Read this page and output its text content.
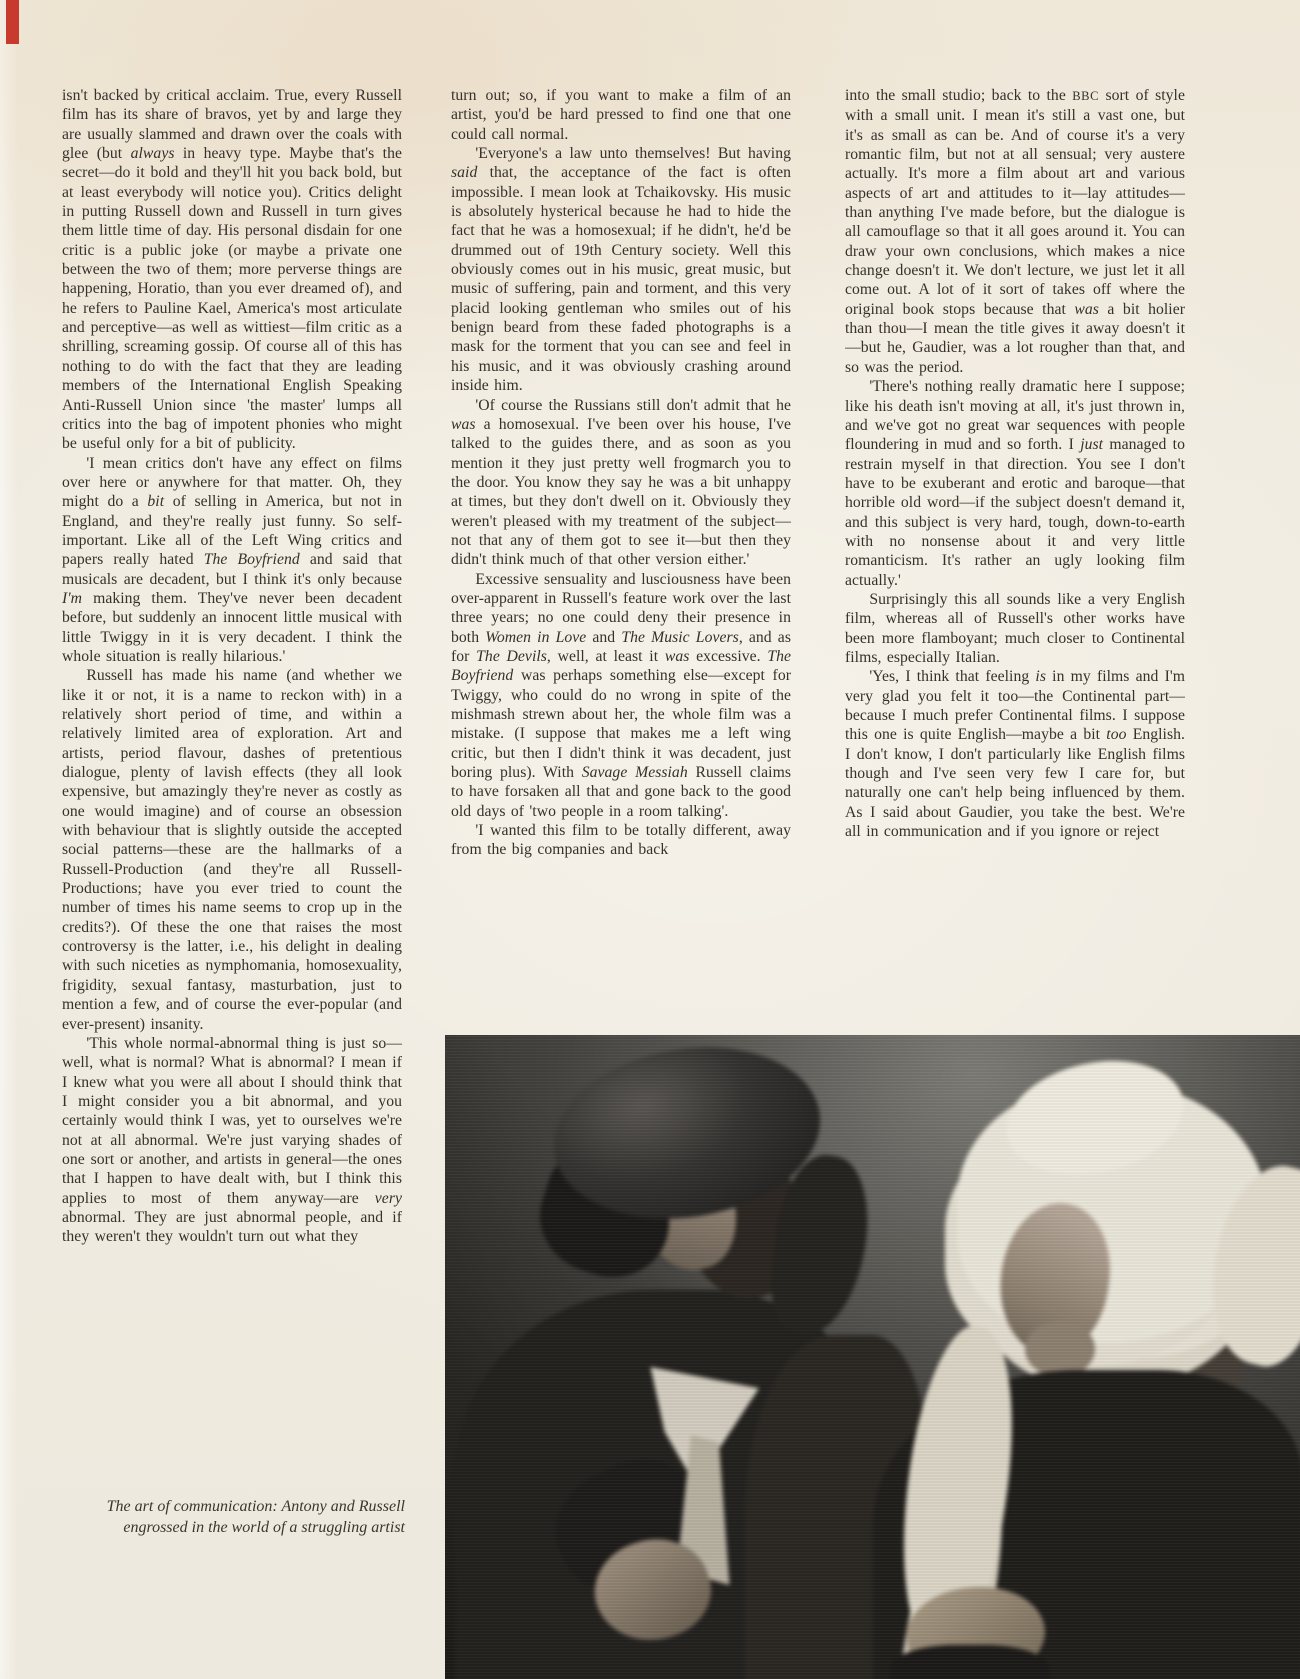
isn't backed by critical acclaim. True, every Russell film has its share of bravos, yet by and large they are usually slammed and drawn over the coals with glee (but always in heavy type. Maybe that's the secret—do it bold and they'll hit you back bold, but at least everybody will notice you). Critics delight in putting Russell down and Russell in turn gives them little time of day. His personal disdain for one critic is a public joke (or maybe a private one between the two of them; more perverse things are happening, Horatio, than you ever dreamed of), and he refers to Pauline Kael, America's most articulate and perceptive—as well as wittiest—film critic as a shrilling, screaming gossip. Of course all of this has nothing to do with the fact that they are leading members of the International English Speaking Anti-Russell Union since 'the master' lumps all critics into the bag of impotent phonies who might be useful only for a bit of publicity.

'I mean critics don't have any effect on films over here or anywhere for that matter. Oh, they might do a bit of selling in America, but not in England, and they're really just funny. So self-important. Like all of the Left Wing critics and papers really hated The Boyfriend and said that musicals are decadent, but I think it's only because I'm making them. They've never been decadent before, but suddenly an innocent little musical with little Twiggy in it is very decadent. I think the whole situation is really hilarious.'

Russell has made his name (and whether we like it or not, it is a name to reckon with) in a relatively short period of time, and within a relatively limited area of exploration. Art and artists, period flavour, dashes of pretentious dialogue, plenty of lavish effects (they all look expensive, but amazingly they're never as costly as one would imagine) and of course an obsession with behaviour that is slightly outside the accepted social patterns—these are the hallmarks of a Russell-Production (and they're all Russell-Productions; have you ever tried to count the number of times his name seems to crop up in the credits?). Of these the one that raises the most controversy is the latter, i.e., his delight in dealing with such niceties as nymphomania, homosexuality, frigidity, sexual fantasy, masturbation, just to mention a few, and of course the ever-popular (and ever-present) insanity.

'This whole normal-abnormal thing is just so—well, what is normal? What is abnormal? I mean if I knew what you were all about I should think that I might consider you a bit abnormal, and you certainly would think I was, yet to ourselves we're not at all abnormal. We're just varying shades of one sort or another, and artists in general—the ones that I happen to have dealt with, but I think this applies to most of them anyway—are very abnormal. They are just abnormal people, and if they weren't they wouldn't turn out what they

turn out; so, if you want to make a film of an artist, you'd be hard pressed to find one that one could call normal.

'Everyone's a law unto themselves! But having said that, the acceptance of the fact is often impossible. I mean look at Tchaikovsky. His music is absolutely hysterical because he had to hide the fact that he was a homosexual; if he didn't, he'd be drummed out of 19th Century society. Well this obviously comes out in his music, great music, but music of suffering, pain and torment, and this very placid looking gentleman who smiles out of his benign beard from these faded photographs is a mask for the torment that you can see and feel in his music, and it was obviously crashing around inside him.

'Of course the Russians still don't admit that he was a homosexual. I've been over his house, I've talked to the guides there, and as soon as you mention it they just pretty well frogmarch you to the door. You know they say he was a bit unhappy at times, but they don't dwell on it. Obviously they weren't pleased with my treatment of the subject—not that any of them got to see it—but then they didn't think much of that other version either.'

Excessive sensuality and lusciousness have been over-apparent in Russell's feature work over the last three years; no one could deny their presence in both Women in Love and The Music Lovers, and as for The Devils, well, at least it was excessive. The Boyfriend was perhaps something else—except for Twiggy, who could do no wrong in spite of the mishmash strewn about her, the whole film was a mistake. (I suppose that makes me a left wing critic, but then I didn't think it was decadent, just boring plus). With Savage Messiah Russell claims to have forsaken all that and gone back to the good old days of 'two people in a room talking'.

'I wanted this film to be totally different, away from the big companies and back

into the small studio; back to the BBC sort of style with a small unit. I mean it's still a vast one, but it's as small as can be. And of course it's a very romantic film, but not at all sensual; very austere actually. It's more a film about art and various aspects of art and attitudes to it—lay attitudes—than anything I've made before, but the dialogue is all camouflage so that it all goes around it. You can draw your own conclusions, which makes a nice change doesn't it. We don't lecture, we just let it all come out. A lot of it sort of takes off where the original book stops because that was a bit holier than thou—I mean the title gives it away doesn't it—but he, Gaudier, was a lot rougher than that, and so was the period.

'There's nothing really dramatic here I suppose; like his death isn't moving at all, it's just thrown in, and we've got no great war sequences with people floundering in mud and so forth. I just managed to restrain myself in that direction. You see I don't have to be exuberant and erotic and baroque—that horrible old word—if the subject doesn't demand it, and this subject is very hard, tough, down-to-earth with no nonsense about it and very little romanticism. It's rather an ugly looking film actually.'

Surprisingly this all sounds like a very English film, whereas all of Russell's other works have been more flamboyant; much closer to Continental films, especially Italian.

'Yes, I think that feeling is in my films and I'm very glad you felt it too—the Continental part—because I much prefer Continental films. I suppose this one is quite English—maybe a bit too English. I don't know, I don't particularly like English films though and I've seen very few I care for, but naturally one can't help being influenced by them. As I said about Gaudier, you take the best. We're all in communication and if you ignore or reject

The art of communication: Antony and Russell engrossed in the world of a struggling artist
